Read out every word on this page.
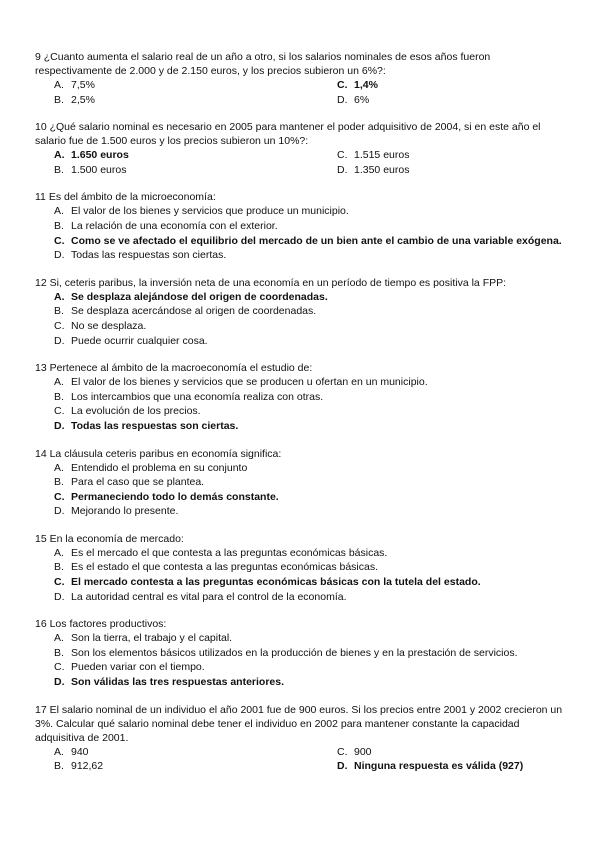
9 ¿Cuanto aumenta el salario real de un año a otro, si los salarios nominales de esos años fueron respectivamente de 2.000 y de 2.150 euros, y los precios subieron un 6%?:
A. 7,5%	C. 1,4%
B. 2,5%	D. 6%
10 ¿Qué salario nominal es necesario en 2005 para mantener el poder adquisitivo de 2004, si en este año el salario fue de 1.500 euros y los precios subieron un 10%?:
A. 1.650 euros	C. 1.515 euros
B. 1.500 euros	D. 1.350 euros
11 Es del ámbito de la microeconomía:
A. El valor de los bienes y servicios que produce un municipio.
B. La relación de una economía con el exterior.
C. Como se ve afectado el equilibrio del mercado de un bien ante el cambio de una variable exógena.
D. Todas las respuestas son ciertas.
12 Si, ceteris paribus, la inversión neta de una economía en un período de tiempo es positiva la FPP:
A. Se desplaza alejándose del origen de coordenadas.
B. Se desplaza acercándose al origen de coordenadas.
C. No se desplaza.
D. Puede ocurrir cualquier cosa.
13 Pertenece al ámbito de la macroeconomía el estudio de:
A. El valor de los bienes y servicios que se producen u ofertan en un municipio.
B. Los intercambios que una economía realiza con otras.
C. La evolución de los precios.
D. Todas las respuestas son ciertas.
14 La cláusula ceteris paribus en economía significa:
A. Entendido el problema en su conjunto
B. Para el caso que se plantea.
C. Permaneciendo todo lo demás constante.
D. Mejorando lo presente.
15 En la economía de mercado:
A. Es el mercado el que contesta a las preguntas económicas básicas.
B. Es el estado el que contesta a las preguntas económicas básicas.
C. El mercado contesta a las preguntas económicas básicas con la tutela del estado.
D. La autoridad central es vital para el control de la economía.
16 Los factores productivos:
A. Son la tierra, el trabajo y el capital.
B. Son los elementos básicos utilizados en la producción de bienes y en la prestación de servicios.
C. Pueden variar con el tiempo.
D. Son válidas las tres respuestas anteriores.
17 El salario nominal de un individuo el año 2001 fue de 900 euros. Si los precios entre 2001 y 2002 crecieron un 3%. Calcular qué salario nominal debe tener el individuo en 2002 para mantener constante la capacidad adquisitiva de 2001.
A. 940	C. 900
B. 912,62	D. Ninguna respuesta es válida (927)
